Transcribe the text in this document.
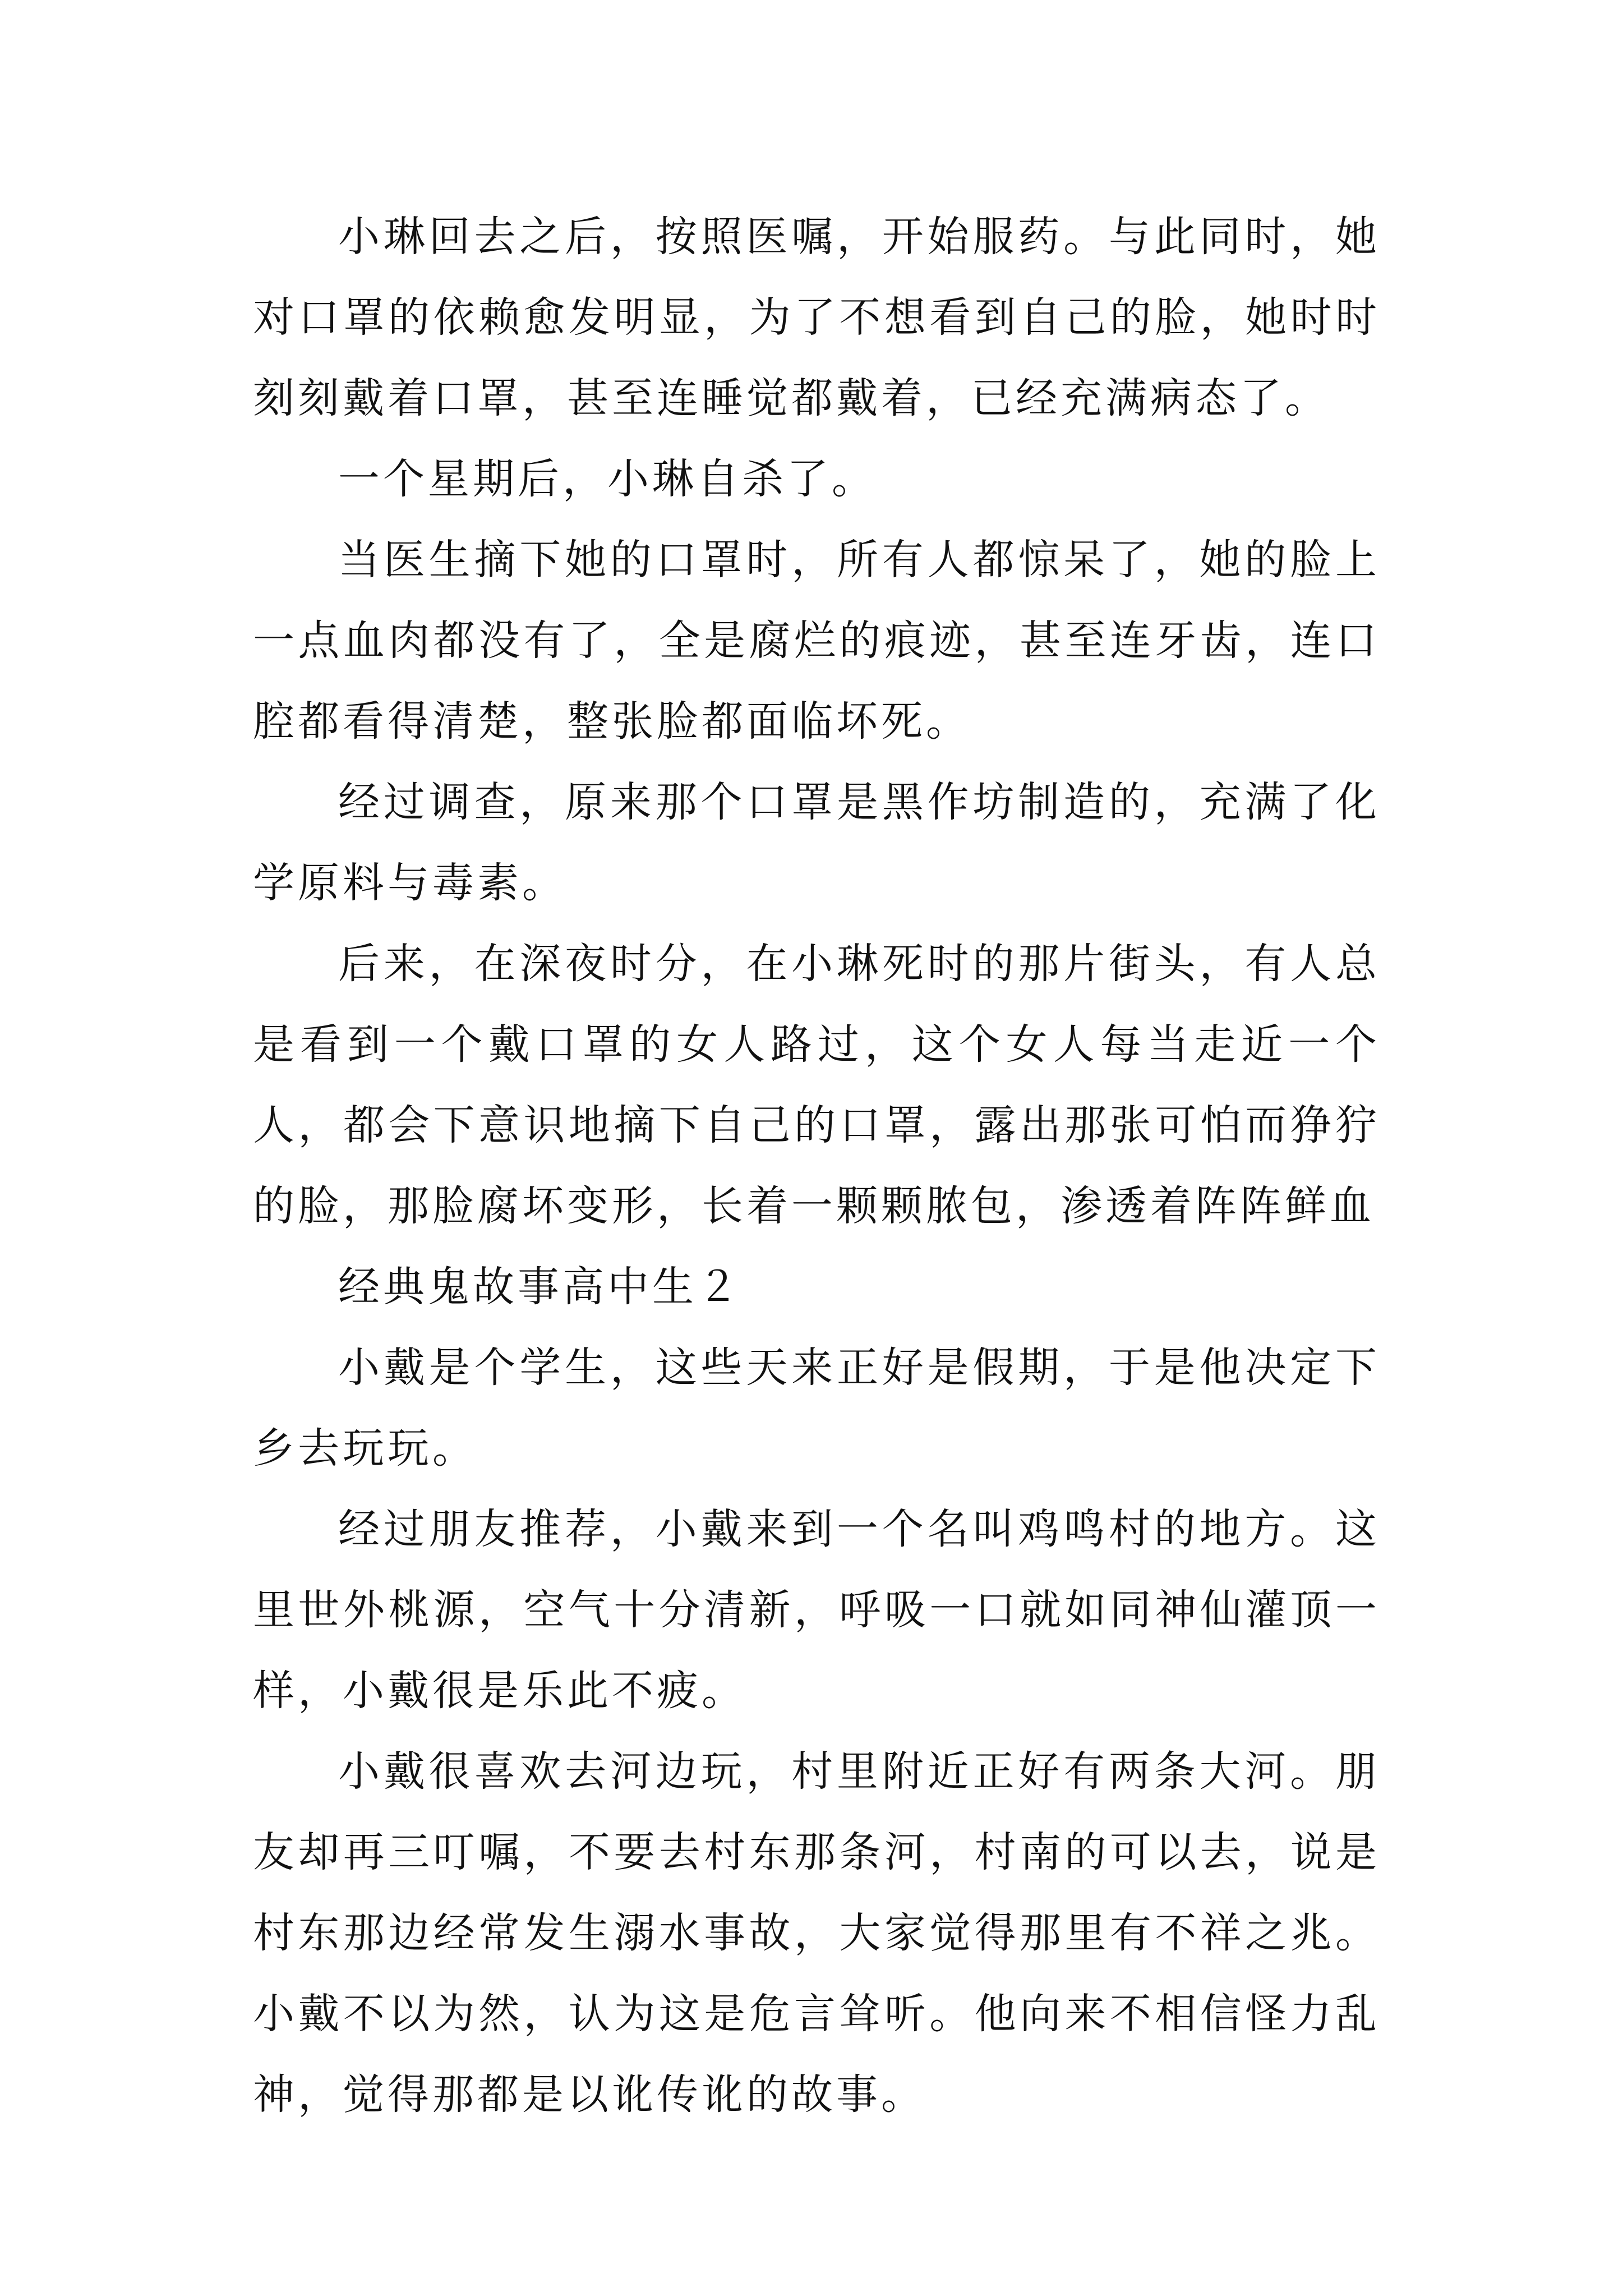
小琳回去之后，按照医嘱，开始服药。与此同时，她对口罩的依赖愈发明显，为了不想看到自己的脸，她时时刻刻戴着口罩，甚至连睡觉都戴着，已经充满病态了。

一个星期后，小琳自杀了。

当医生摘下她的口罩时，所有人都惊呆了，她的脸上一点血肉都没有了，全是腐烂的痕迹，甚至连牙齿，连口腔都看得清楚，整张脸都面临坏死。

经过调查，原来那个口罩是黑作坊制造的，充满了化学原料与毒素。

后来，在深夜时分，在小琳死时的那片街头，有人总是看到一个戴口罩的女人路过，这个女人每当走近一个人，都会下意识地摘下自己的口罩，露出那张可怕而狰狞的脸，那脸腐坏变形，长着一颗颗脓包，渗透着阵阵鲜血

经典鬼故事高中生２

小戴是个学生，这些天来正好是假期，于是他决定下乡去玩玩。

经过朋友推荐，小戴来到一个名叫鸡鸣村的地方。这里世外桃源，空气十分清新，呼吸一口就如同神仙灌顶一样，小戴很是乐此不疲。

小戴很喜欢去河边玩，村里附近正好有两条大河。朋友却再三叮嘱，不要去村东那条河，村南的可以去，说是村东那边经常发生溺水事故，大家觉得那里有不祥之兆。小戴不以为然，认为这是危言耸听。他向来不相信怪力乱神，觉得那都是以讹传讹的故事。
